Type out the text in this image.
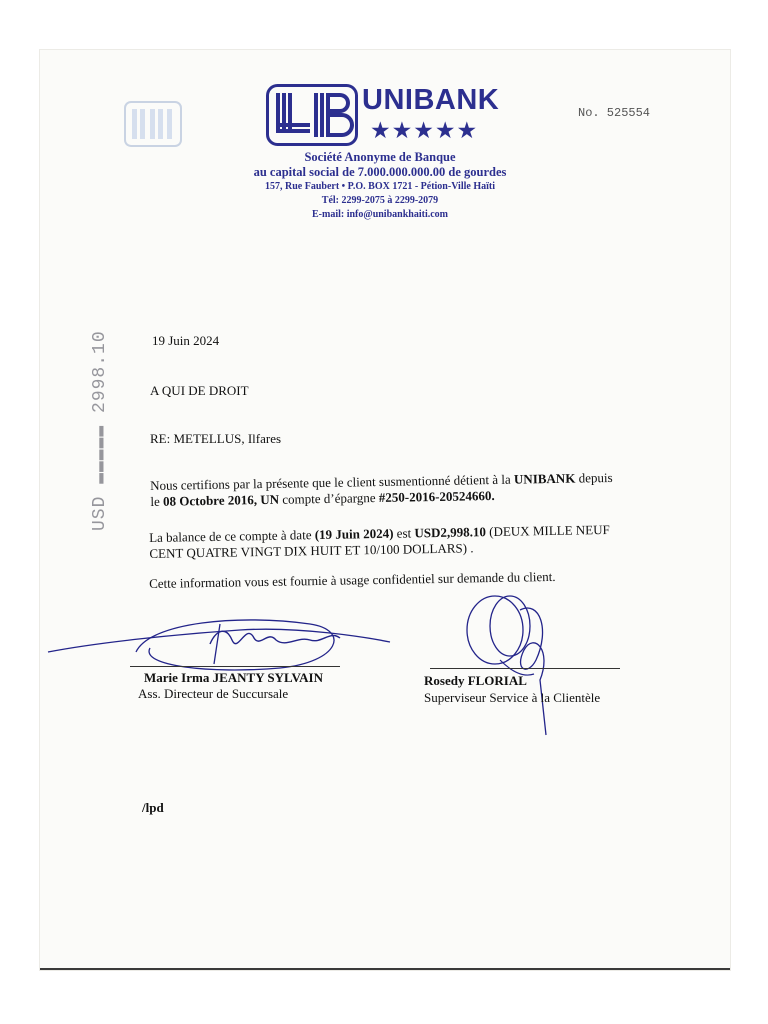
UNIBANK
★★★★★
No. 525554
Société Anonyme de Banque
au capital social de 7.000.000.000.00 de gourdes
157, Rue Faubert • P.O. BOX 1721 - Pétion-Ville Haïti
Tél: 2299-2075 à 2299-2079
E-mail: info@unibankhaiti.com
USD ▬▬▬▬▬ 2998.10	19 Juin 2024
A QUI DE DROIT
RE: METELLUS, Ilfares
Nous certifions par la présente que le client susmentionné détient à la UNIBANK depuis
le 08 Octobre 2016, UN compte d’épargne #250-2016-20524660.
La balance de ce compte à date (19 Juin 2024) est USD2,998.10 (DEUX MILLE NEUF
CENT QUATRE VINGT DIX HUIT ET 10/100 DOLLARS) .
Cette information vous est fournie à usage confidentiel sur demande du client.
Marie Irma JEANTY SYLVAIN
Ass. Directeur de Succursale
Rosedy FLORIAL
Superviseur Service à la Clientèle
/lpd
